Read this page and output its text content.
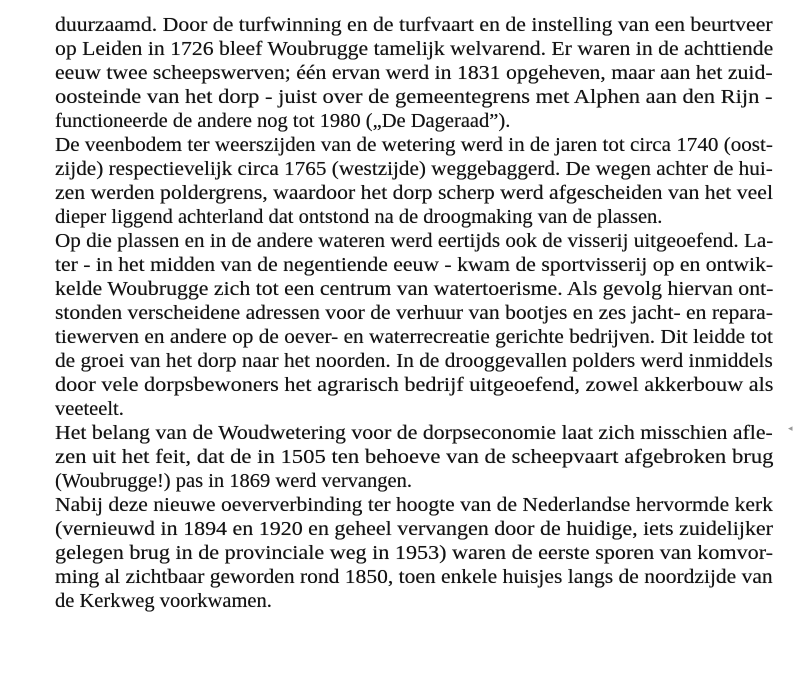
duurzaamd. Door de turfwinning en de turfvaart en de instelling van een beurtveer
op Leiden in 1726 bleef Woubrugge tamelijk welvarend. Er waren in de achttiende
eeuw twee scheepswerven; één ervan werd in 1831 opgeheven, maar aan het zuid-
oosteinde van het dorp - juist over de gemeentegrens met Alphen aan den Rijn -
functioneerde de andere nog tot 1980 („De Dageraad”).
De veenbodem ter weerszijden van de wetering werd in de jaren tot circa 1740 (oost-
zijde) respectievelijk circa 1765 (westzijde) weggebaggerd. De wegen achter de hui-
zen werden poldergrens, waardoor het dorp scherp werd afgescheiden van het veel
dieper liggend achterland dat ontstond na de droogmaking van de plassen.
Op die plassen en in de andere wateren werd eertijds ook de visserij uitgeoefend. La-
ter - in het midden van de negentiende eeuw - kwam de sportvisserij op en ontwik-
kelde Woubrugge zich tot een centrum van watertoerisme. Als gevolg hiervan ont-
stonden verscheidene adressen voor de verhuur van bootjes en zes jacht- en repara-
tiewerven en andere op de oever- en waterrecreatie gerichte bedrijven. Dit leidde tot
de groei van het dorp naar het noorden. In de drooggevallen polders werd inmiddels
door vele dorpsbewoners het agrarisch bedrijf uitgeoefend, zowel akkerbouw als
veeteelt.
Het belang van de Woudwetering voor de dorpseconomie laat zich misschien afle-
zen uit het feit, dat de in 1505 ten behoeve van de scheepvaart afgebroken brug
(Woubrugge!) pas in 1869 werd vervangen.
Nabij deze nieuwe oeververbinding ter hoogte van de Nederlandse hervormde kerk
(vernieuwd in 1894 en 1920 en geheel vervangen door de huidige, iets zuidelijker
gelegen brug in de provinciale weg in 1953) waren de eerste sporen van komvor-
ming al zichtbaar geworden rond 1850, toen enkele huisjes langs de noordzijde van
de Kerkweg voorkwamen.
◂
